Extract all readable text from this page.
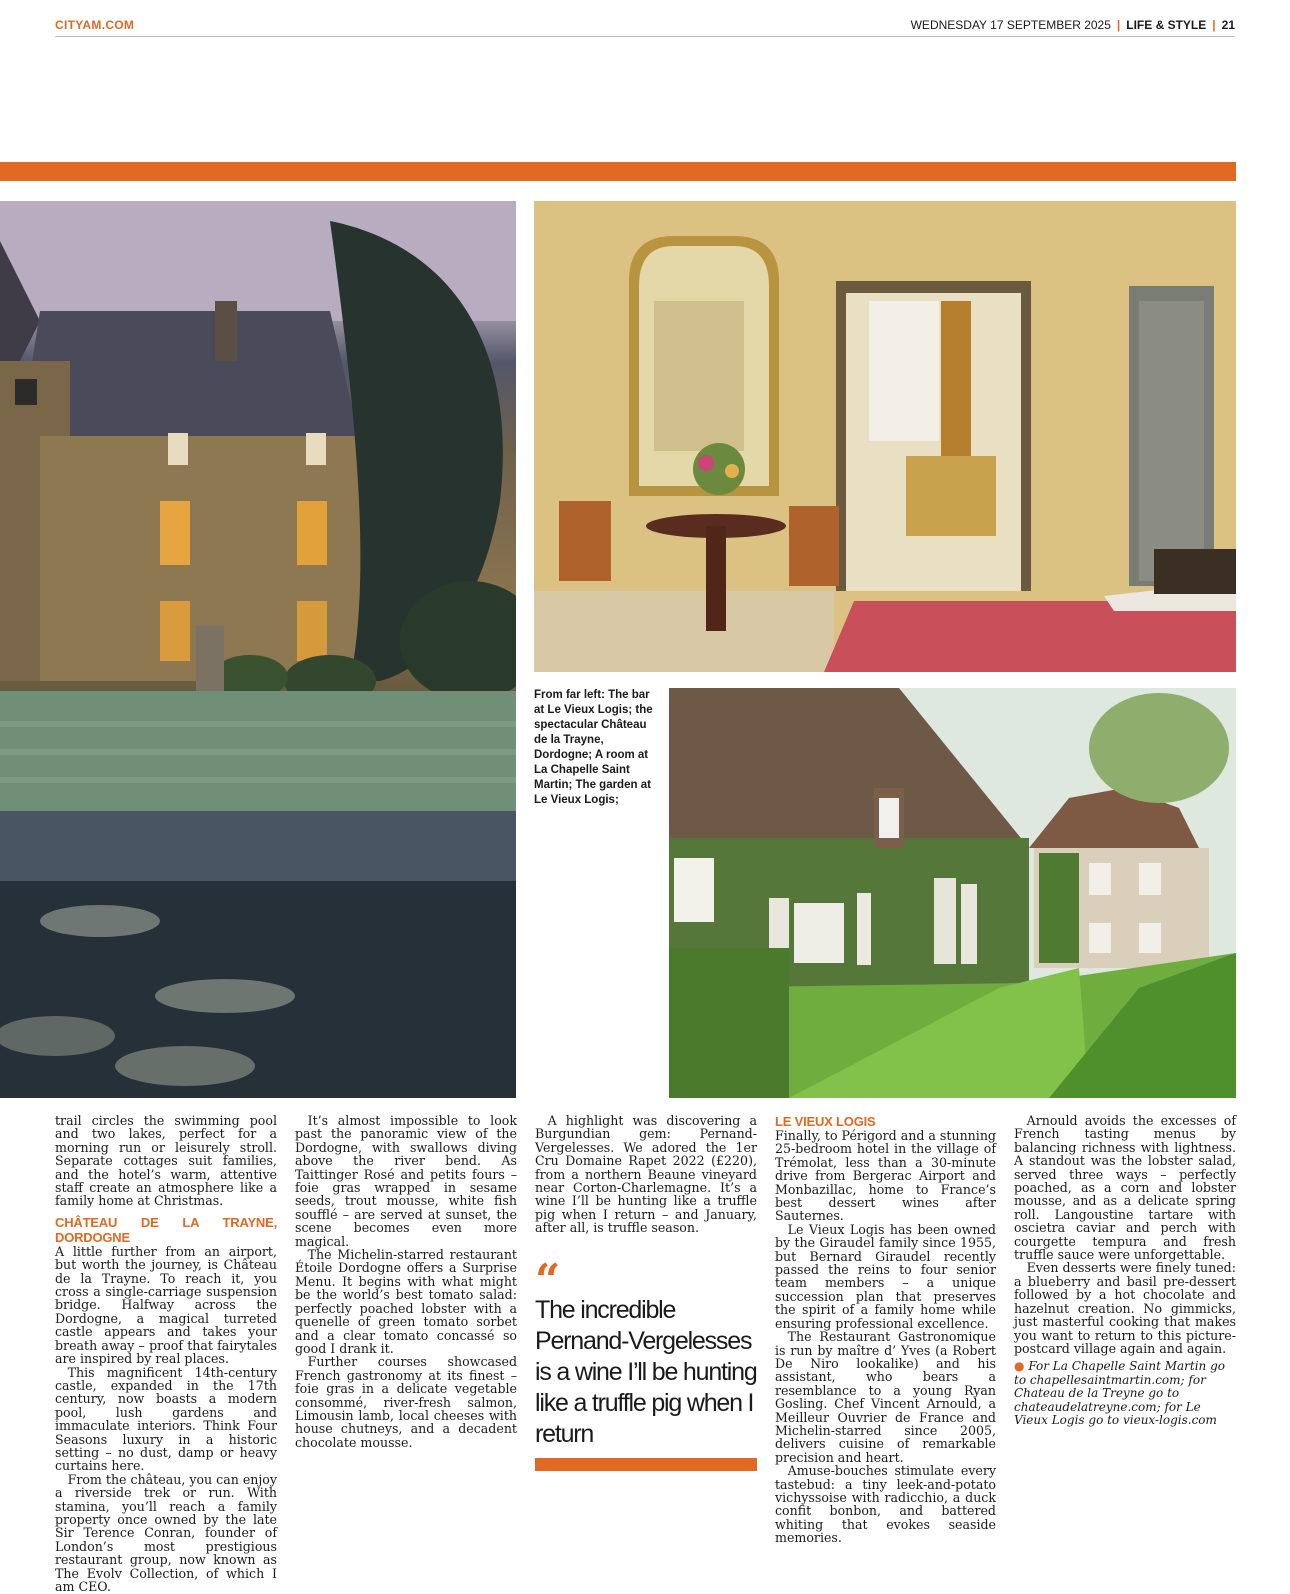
CITYAM.COM	WEDNESDAY 17 SEPTEMBER 2025 | LIFE & STYLE | 21
From far left: The bar at Le Vieux Logis; the spectacular Château de la Trayne, Dordogne; A room at La Chapelle Saint Martin; The garden at Le Vieux Logis;

trail circles the swimming pool and two lakes, perfect for a morning run or leisurely stroll. Separate cottages suit families, and the hotel’s warm, attentive staff create an atmosphere like a family home at Christmas.

CHÂTEAU DE LA TRAYNE, DORDOGNE

A little further from an airport, but worth the journey, is Château de la Trayne. To reach it, you cross a single-carriage suspension bridge. Halfway across the Dordogne, a magical turreted castle appears and takes your breath away – proof that fairytales are inspired by real places.

This magnificent 14th-century castle, expanded in the 17th century, now boasts a modern pool, lush gardens and immaculate interiors. Think Four Seasons luxury in a historic setting – no dust, damp or heavy curtains here.

From the château, you can enjoy a riverside trek or run. With stamina, you’ll reach a family property once owned by the late Sir Terence Conran, founder of London’s most prestigious restaurant group, now known as The Evolv Collection, of which I am CEO.

It’s almost impossible to look past the panoramic view of the Dordogne, with swallows diving above the river bend. As Taittinger Rosé and petits fours – foie gras wrapped in sesame seeds, trout mousse, white fish soufflé – are served at sunset, the scene becomes even more magical.

The Michelin-starred restaurant Étoile Dordogne offers a Surprise Menu. It begins with what might be the world’s best tomato salad: perfectly poached lobster with a quenelle of green tomato sorbet and a clear tomato concassé so good I drank it.

Further courses showcased French gastronomy at its finest – foie gras in a delicate vegetable consommé, river-fresh salmon, Limousin lamb, local cheeses with house chutneys, and a decadent chocolate mousse.

A highlight was discovering a Burgundian gem: Pernand-Vergelesses. We adored the 1er Cru Domaine Rapet 2022 (£220), from a northern Beaune vineyard near Corton-Charlemagne. It’s a wine I’ll be hunting like a truffle pig when I return – and January, after all, is truffle season.

“
The incredible Pernand-Vergelesses is a wine I’ll be hunting like a truffle pig when I return
LE VIEUX LOGIS

Finally, to Périgord and a stunning 25-bedroom hotel in the village of Trémolat, less than a 30-minute drive from Bergerac Airport and Monbazillac, home to France’s best dessert wines after Sauternes.

Le Vieux Logis has been owned by the Giraudel family since 1955, but Bernard Giraudel recently passed the reins to four senior team members – a unique succession plan that preserves the spirit of a family home while ensuring professional excellence.

The Restaurant Gastronomique is run by maître d’ Yves (a Robert De Niro lookalike) and his assistant, who bears a resemblance to a young Ryan Gosling. Chef Vincent Arnould, a Meilleur Ouvrier de France and Michelin-starred since 2005, delivers cuisine of remarkable precision and heart.

Amuse-bouches stimulate every tastebud: a tiny leek-and-potato vichyssoise with radicchio, a duck confit bonbon, and battered whiting that evokes seaside memories.

Arnould avoids the excesses of French tasting menus by balancing richness with lightness. A standout was the lobster salad, served three ways – perfectly poached, as a corn and lobster mousse, and as a delicate spring roll. Langoustine tartare with oscietra caviar and perch with courgette tempura and fresh truffle sauce were unforgettable.

Even desserts were finely tuned: a blueberry and basil pre-dessert followed by a hot chocolate and hazelnut creation. No gimmicks, just masterful cooking that makes you want to return to this picture-postcard village again and again.

● For La Chapelle Saint Martin go to chapellesaintmartin.com; for Chateau de la Treyne go to chateaudelatreyne.com; for Le Vieux Logis go to vieux-logis.com
